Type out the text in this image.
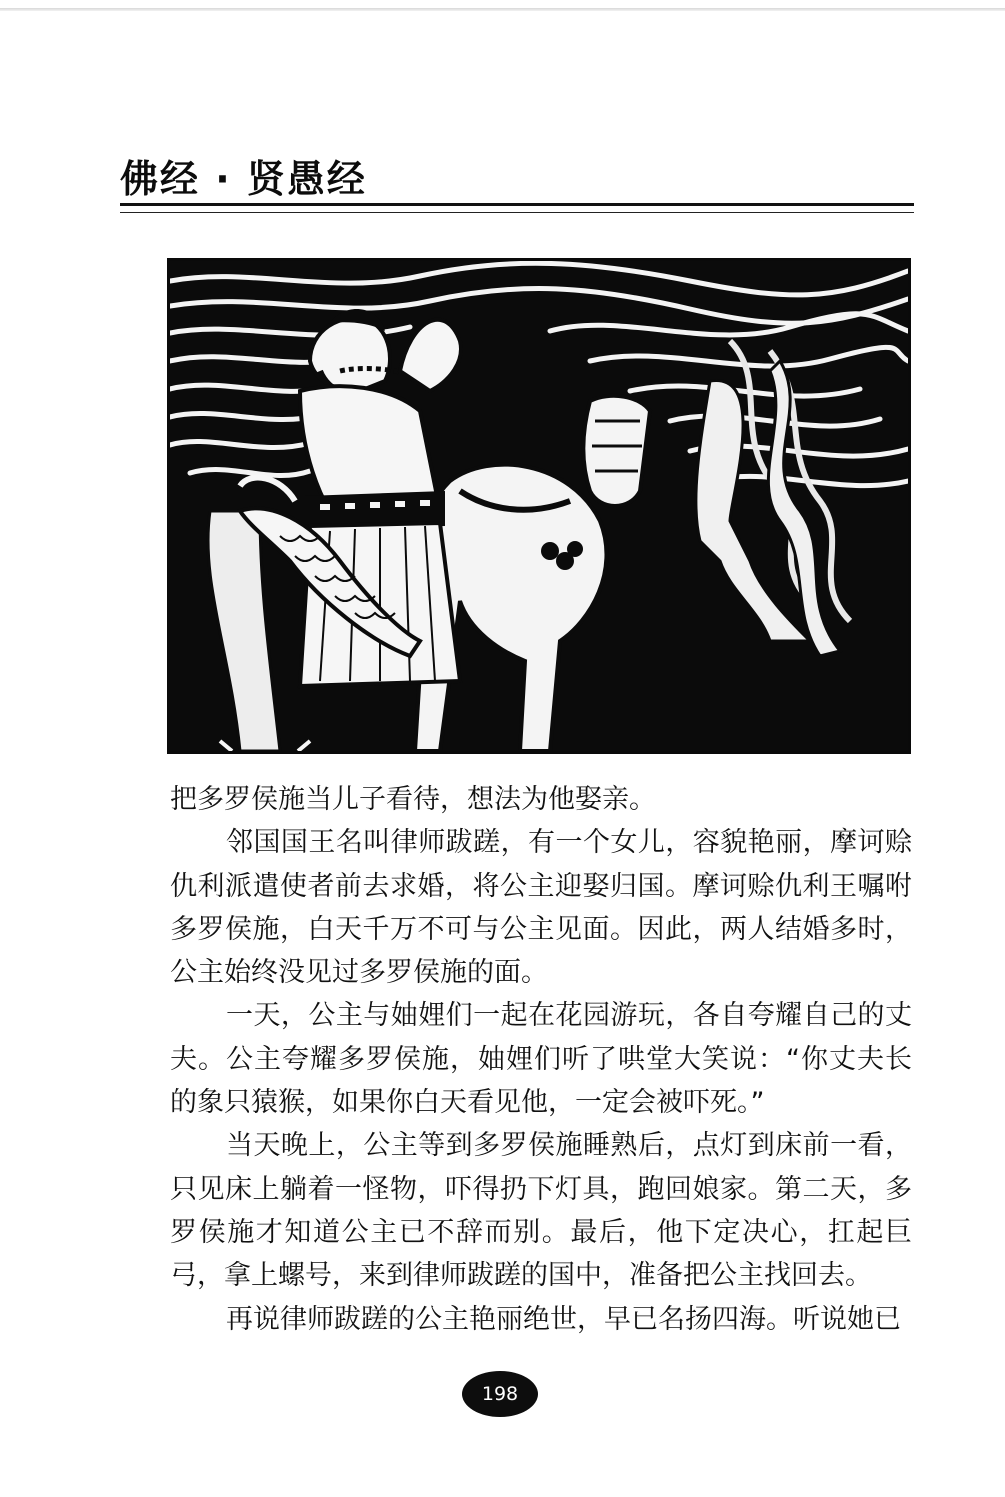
佛经 · 贤愚经

把多罗侯施当儿子看待，想法为他娶亲。

邻国国王名叫律师跋蹉，有一个女儿，容貌艳丽，摩诃赊仇利派遣使者前去求婚，将公主迎娶归国。摩诃赊仇利王嘱咐多罗侯施，白天千万不可与公主见面。因此，两人结婚多时，公主始终没见过多罗侯施的面。

一天，公主与妯娌们一起在花园游玩，各自夸耀自己的丈夫。公主夸耀多罗侯施，妯娌们听了哄堂大笑说：“你丈夫长的象只猿猴，如果你白天看见他，一定会被吓死。”

当天晚上，公主等到多罗侯施睡熟后，点灯到床前一看，只见床上躺着一怪物，吓得扔下灯具，跑回娘家。第二天，多罗侯施才知道公主已不辞而别。最后，他下定决心，扛起巨弓，拿上螺号，来到律师跋蹉的国中，准备把公主找回去。

再说律师跋蹉的公主艳丽绝世，早已名扬四海。听说她已

198
